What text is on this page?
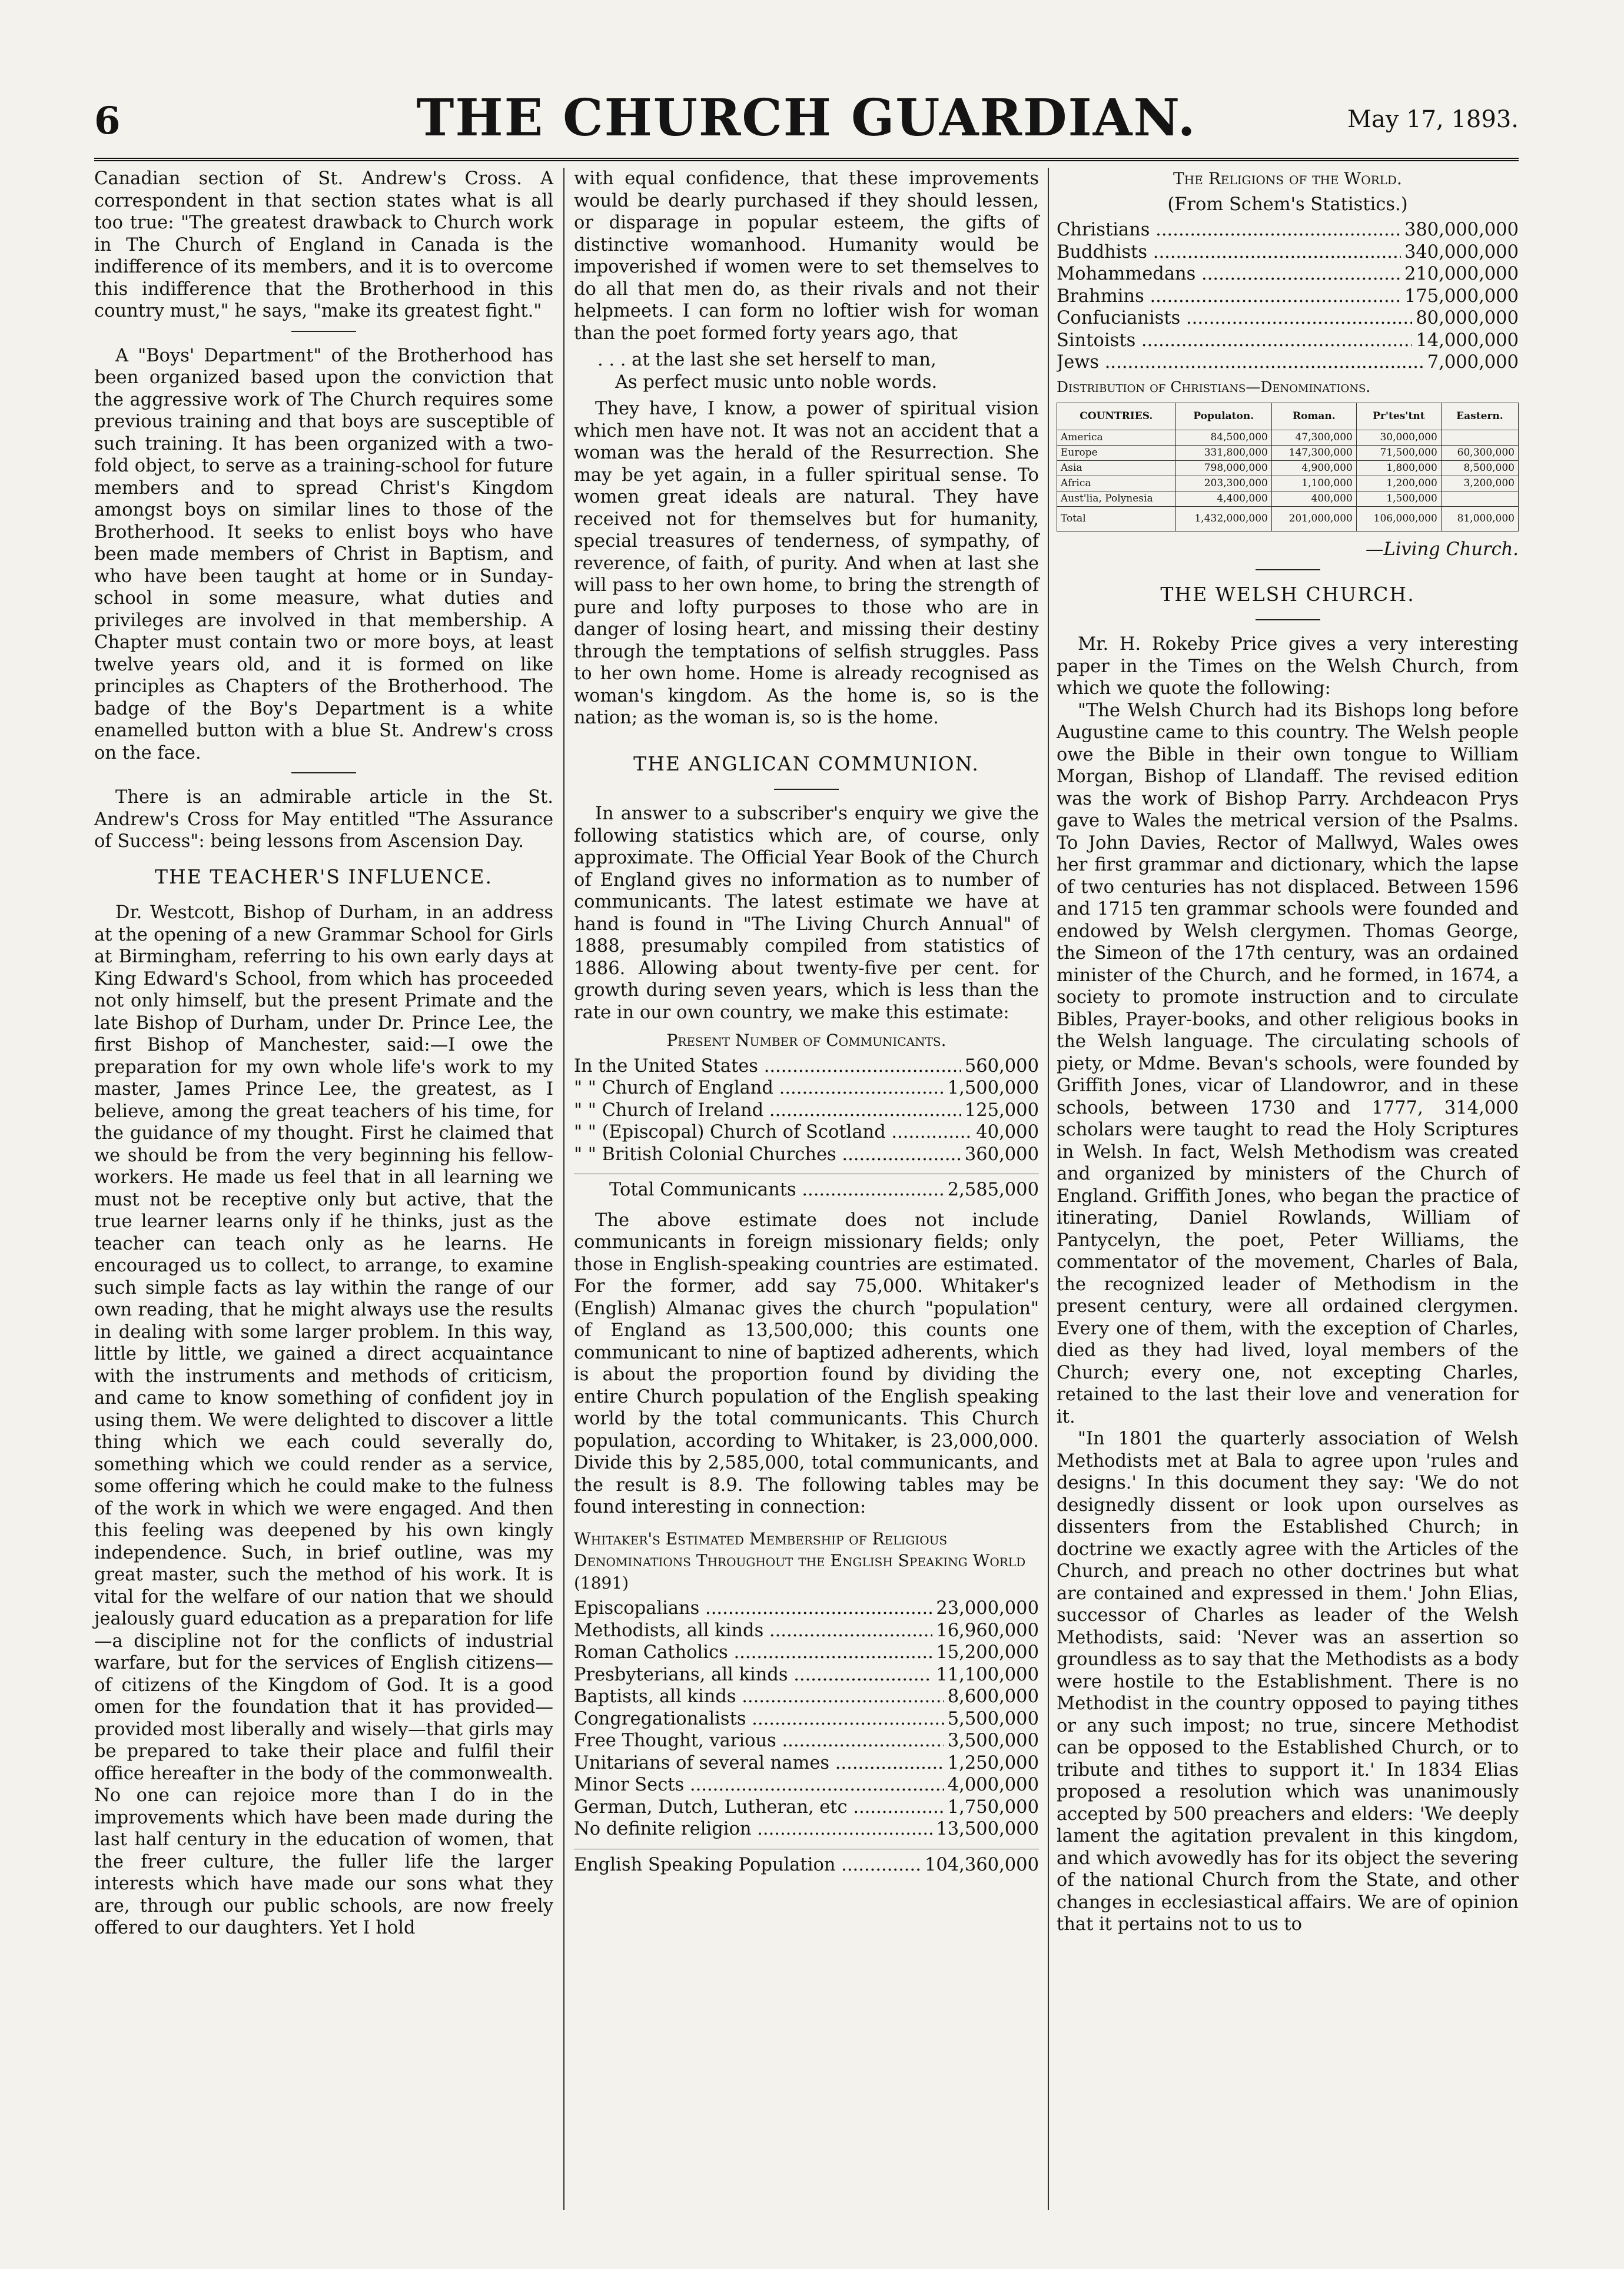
6	THE CHURCH GUARDIAN.	May 17, 1893.

Canadian section of St. Andrew's Cross. A correspondent in that section states what is all too true: "The greatest drawback to Church work in The Church of England in Canada is the indifference of its members, and it is to overcome this indifference that the Brotherhood in this country must," he says, "make its greatest fight."

A "Boys' Department" of the Brotherhood has been organized based upon the conviction that the aggressive work of The Church requires some previous training and that boys are susceptible of such training. It has been organized with a two-fold object, to serve as a training-school for future members and to spread Christ's Kingdom amongst boys on similar lines to those of the Brotherhood. It seeks to enlist boys who have been made members of Christ in Baptism, and who have been taught at home or in Sunday-school in some measure, what duties and privileges are involved in that membership. A Chapter must contain two or more boys, at least twelve years old, and it is formed on like principles as Chapters of the Brotherhood. The badge of the Boy's Department is a white enamelled button with a blue St. Andrew's cross on the face.

There is an admirable article in the St. Andrew's Cross for May entitled "The Assurance of Success": being lessons from Ascension Day.

THE TEACHER'S INFLUENCE.

Dr. Westcott, Bishop of Durham, in an address at the opening of a new Grammar School for Girls at Birmingham, referring to his own early days at King Edward's School, from which has proceeded not only himself, but the present Primate and the late Bishop of Durham, under Dr. Prince Lee, the first Bishop of Manchester, said:—I owe the preparation for my own whole life's work to my master, James Prince Lee, the greatest, as I believe, among the great teachers of his time, for the guidance of my thought. First he claimed that we should be from the very beginning his fellow-workers. He made us feel that in all learning we must not be receptive only but active, that the true learner learns only if he thinks, just as the teacher can teach only as he learns. He encouraged us to collect, to arrange, to examine such simple facts as lay within the range of our own reading, that he might always use the results in dealing with some larger problem. In this way, little by little, we gained a direct acquaintance with the instruments and methods of criticism, and came to know something of confident joy in using them. We were delighted to discover a little thing which we each could severally do, something which we could render as a service, some offering which he could make to the fulness of the work in which we were engaged. And then this feeling was deepened by his own kingly independence. Such, in brief outline, was my great master, such the method of his work. It is vital for the welfare of our nation that we should jealously guard education as a preparation for life—a discipline not for the conflicts of industrial warfare, but for the services of English citizens—of citizens of the Kingdom of God. It is a good omen for the foundation that it has provided—provided most liberally and wisely—that girls may be prepared to take their place and fulfil their office hereafter in the body of the commonwealth. No one can rejoice more than I do in the improvements which have been made during the last half century in the education of women, that the freer culture, the fuller life the larger interests which have made our sons what they are, through our public schools, are now freely offered to our daughters. Yet I hold

with equal confidence, that these improvements would be dearly purchased if they should lessen, or disparage in popular esteem, the gifts of distinctive womanhood. Humanity would be impoverished if women were to set themselves to do all that men do, as their rivals and not their helpmeets. I can form no loftier wish for woman than the poet formed forty years ago, that

. . . at the last she set herself to man,

As perfect music unto noble words.

They have, I know, a power of spiritual vision which men have not. It was not an accident that a woman was the herald of the Resurrection. She may be yet again, in a fuller spiritual sense. To women great ideals are natural. They have received not for themselves but for humanity, special treasures of tenderness, of sympathy, of reverence, of faith, of purity. And when at last she will pass to her own home, to bring the strength of pure and lofty purposes to those who are in danger of losing heart, and missing their destiny through the temptations of selfish struggles. Pass to her own home. Home is already recognised as woman's kingdom. As the home is, so is the nation; as the woman is, so is the home.

THE ANGLICAN COMMUNION.

In answer to a subscriber's enquiry we give the following statistics which are, of course, only approximate. The Official Year Book of the Church of England gives no information as to number of communicants. The latest estimate we have at hand is found in "The Living Church Annual" of 1888, presumably compiled from statistics of 1886. Allowing about twenty-five per cent. for growth during seven years, which is less than the rate in our own country, we make this estimate:

Present Number of Communicants.
In the United States .....	560,000
" " Church of England .....	1,500,000
" " Church of Ireland .....	125,000
" " (Episcopal) Church of Scotland .....	40,000
" " British Colonial Churches .....	360,000
Total Communicants .....	2,585,000

The above estimate does not include communicants in foreign missionary fields; only those in English-speaking countries are estimated. For the former, add say 75,000. Whitaker's (English) Almanac gives the church "population" of England as 13,500,000; this counts one communicant to nine of baptized adherents, which is about the proportion found by dividing the entire Church population of the English speaking world by the total communicants. This Church population, according to Whitaker, is 23,000,000. Divide this by 2,585,000, total communicants, and the result is 8.9. The following tables may be found interesting in connection:

Whitaker's Estimated Membership of Religious Denominations Throughout the English Speaking World (1891)
Episcopalians .....	23,000,000
Methodists, all kinds .....	16,960,000
Roman Catholics .....	15,200,000
Presbyterians, all kinds .....	11,100,000
Baptists, all kinds .....	8,600,000
Congregationalists .....	5,500,000
Free Thought, various .....	3,500,000
Unitarians of several names .....	1,250,000
Minor Sects .....	4,000,000
German, Dutch, Lutheran, etc .....	1,750,000
No definite religion .....	13,500,000
English Speaking Population .....	104,360,000
The Religions of the World.
(From Schem's Statistics.)
Christians .....	380,000,000
Buddhists .....	340,000,000
Mohammedans .....	210,000,000
Brahmins .....	175,000,000
Confucianists .....	80,000,000
Sintoists .....	14,000,000
Jews .....	7,000,000
Distribution of Christians—Denominations.
COUNTRIES.	Populaton.	Roman.	Pr'tes'tnt	Eastern.
America	84,500,000	47,300,000	30,000,000	
Europe	331,800,000	147,300,000	71,500,000	60,300,000
Asia	798,000,000	4,900,000	1,800,000	8,500,000
Africa	203,300,000	1,100,000	1,200,000	3,200,000
Aust'lia, Polynesia	4,400,000	400,000	1,500,000	
Total	1,432,000,000	201,000,000	106,000,000	81,000,000
—Living Church.
THE WELSH CHURCH.

Mr. H. Rokeby Price gives a very interesting paper in the Times on the Welsh Church, from which we quote the following:

"The Welsh Church had its Bishops long before Augustine came to this country. The Welsh people owe the Bible in their own tongue to William Morgan, Bishop of Llandaff. The revised edition was the work of Bishop Parry. Archdeacon Prys gave to Wales the metrical version of the Psalms. To John Davies, Rector of Mallwyd, Wales owes her first grammar and dictionary, which the lapse of two centuries has not displaced. Between 1596 and 1715 ten grammar schools were founded and endowed by Welsh clergymen. Thomas George, the Simeon of the 17th century, was an ordained minister of the Church, and he formed, in 1674, a society to promote instruction and to circulate Bibles, Prayer-books, and other religious books in the Welsh language. The circulating schools of piety, or Mdme. Bevan's schools, were founded by Griffith Jones, vicar of Llandowror, and in these schools, between 1730 and 1777, 314,000 scholars were taught to read the Holy Scriptures in Welsh. In fact, Welsh Methodism was created and organized by ministers of the Church of England. Griffith Jones, who began the practice of itinerating, Daniel Rowlands, William of Pantycelyn, the poet, Peter Williams, the commentator of the movement, Charles of Bala, the recognized leader of Methodism in the present century, were all ordained clergymen. Every one of them, with the exception of Charles, died as they had lived, loyal members of the Church; every one, not excepting Charles, retained to the last their love and veneration for it.

"In 1801 the quarterly association of Welsh Methodists met at Bala to agree upon 'rules and designs.' In this document they say: 'We do not designedly dissent or look upon ourselves as dissenters from the Established Church; in doctrine we exactly agree with the Articles of the Church, and preach no other doctrines but what are contained and expressed in them.' John Elias, successor of Charles as leader of the Welsh Methodists, said: 'Never was an assertion so groundless as to say that the Methodists as a body were hostile to the Establishment. There is no Methodist in the country opposed to paying tithes or any such impost; no true, sincere Methodist can be opposed to the Established Church, or to tribute and tithes to support it.' In 1834 Elias proposed a resolution which was unanimously accepted by 500 preachers and elders: 'We deeply lament the agitation prevalent in this kingdom, and which avowedly has for its object the severing of the national Church from the State, and other changes in ecclesiastical affairs. We are of opinion that it pertains not to us to
